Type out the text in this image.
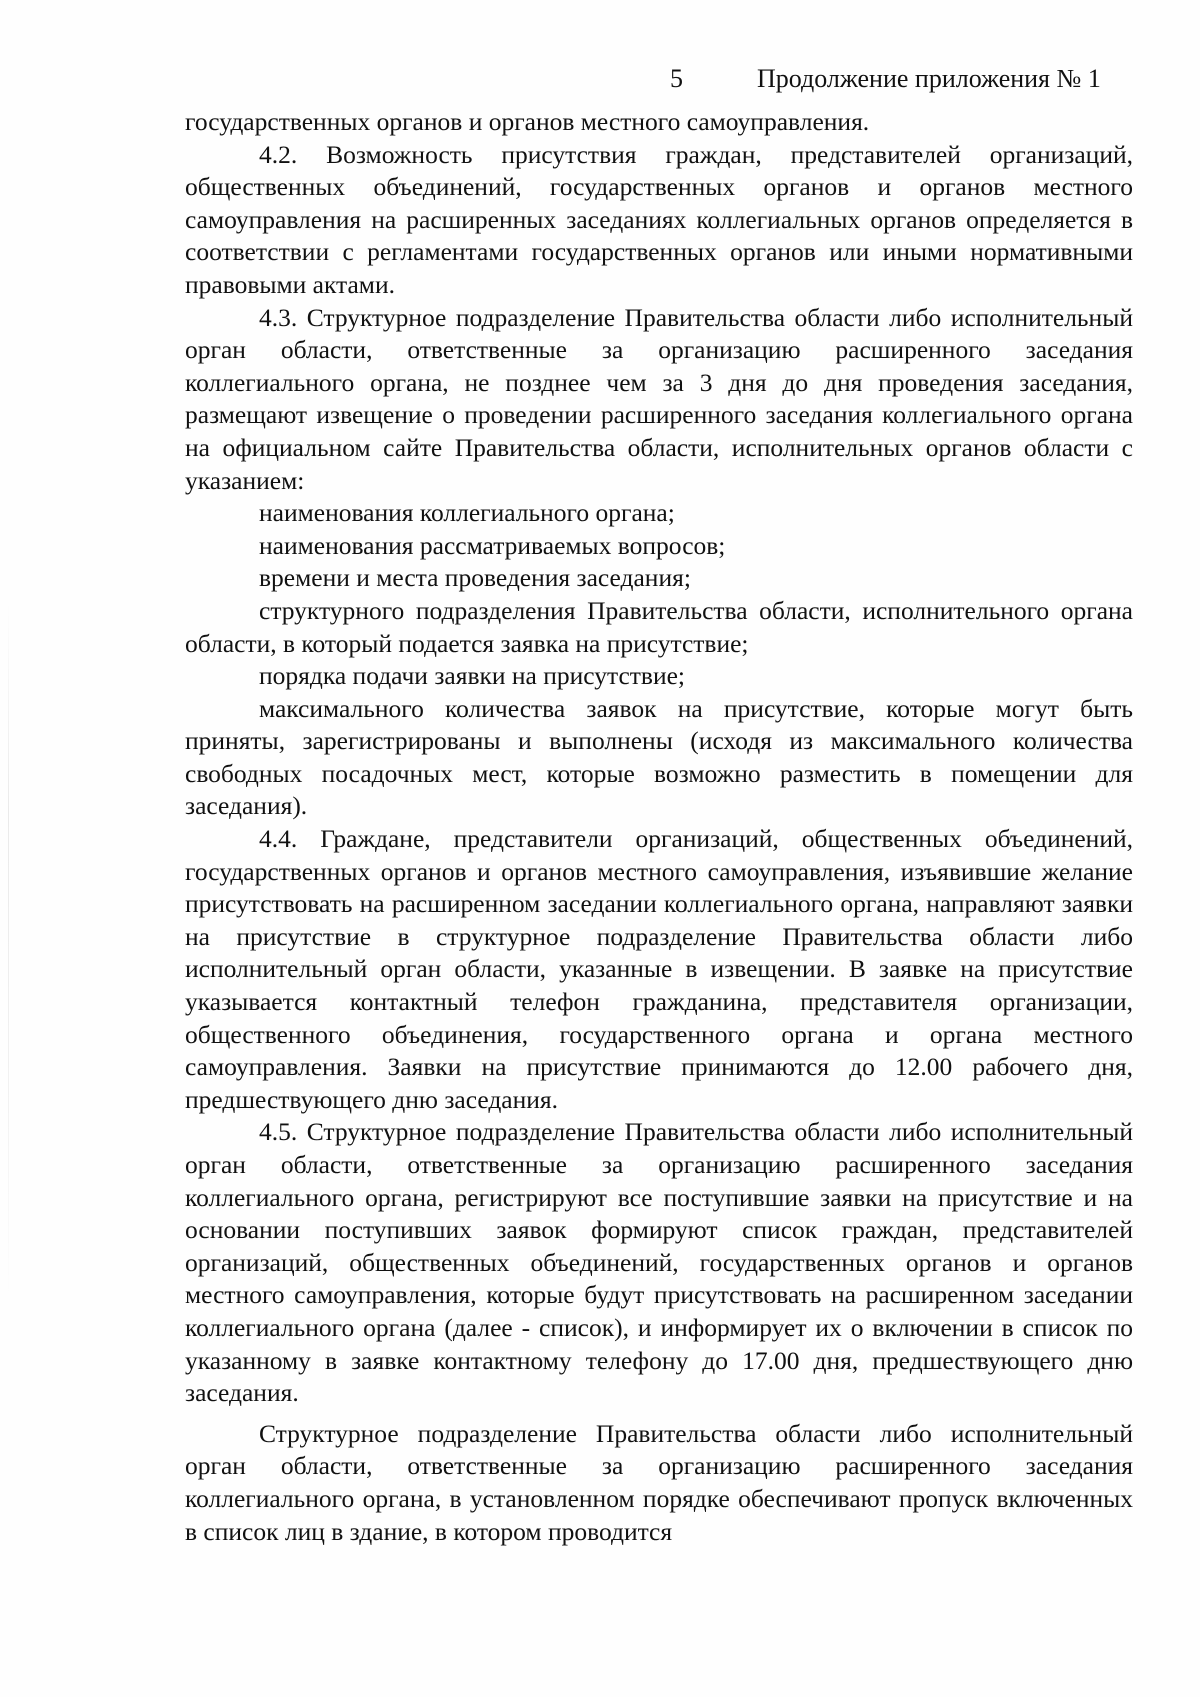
5	Продолжение приложения № 1

государственных органов и органов местного самоуправления.

4.2. Возможность присутствия граждан, представителей организаций, общественных объединений, государственных органов и органов местного самоуправления на расширенных заседаниях коллегиальных органов определяется в соответствии с регламентами государственных органов или иными нормативными правовыми актами.

4.3. Структурное подразделение Правительства области либо исполнительный орган области, ответственные за организацию расширенного заседания коллегиального органа, не позднее чем за 3 дня до дня проведения заседания, размещают извещение о проведении расширенного заседания коллегиального органа на официальном сайте Правительства области, исполнительных органов области с указанием:

наименования коллегиального органа;

наименования рассматриваемых вопросов;

времени и места проведения заседания;

структурного подразделения Правительства области, исполнительного органа области, в который подается заявка на присутствие;

порядка подачи заявки на присутствие;

максимального количества заявок на присутствие, которые могут быть приняты, зарегистрированы и выполнены (исходя из максимального количества свободных посадочных мест, которые возможно разместить в помещении для заседания).

4.4. Граждане, представители организаций, общественных объединений, государственных органов и органов местного самоуправления, изъявившие желание присутствовать на расширенном заседании коллегиального органа, направляют заявки на присутствие в структурное подразделение Правительства области либо исполнительный орган области, указанные в извещении. В заявке на присутствие указывается контактный телефон гражданина, представителя организации, общественного объединения, государственного органа и органа местного самоуправления. Заявки на присутствие принимаются до 12.00 рабочего дня, предшествующего дню заседания.

4.5. Структурное подразделение Правительства области либо исполнительный орган области, ответственные за организацию расширенного заседания коллегиального органа, регистрируют все поступившие заявки на присутствие и на основании поступивших заявок формируют список граждан, представителей организаций, общественных объединений, государственных органов и органов местного самоуправления, которые будут присутствовать на расширенном заседании коллегиального органа (далее - список), и информирует их о включении в список по указанному в заявке контактному телефону до 17.00 дня, предшествующего дню заседания.

Структурное подразделение Правительства области либо исполнительный орган области, ответственные за организацию расширенного заседания коллегиального органа, в установленном порядке обеспечивают пропуск включенных в список лиц в здание, в котором проводится
